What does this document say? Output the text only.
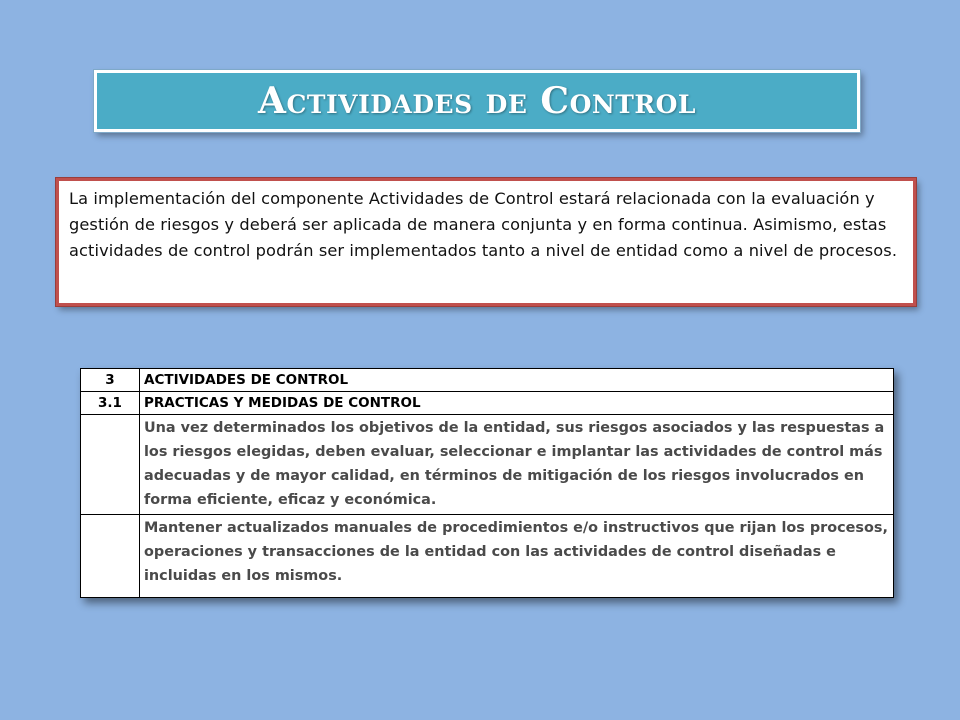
Actividades de Control

La implementación del componente Actividades de Control estará relacionada con la evaluación y gestión de riesgos y deberá ser aplicada de manera conjunta y en forma continua. Asimismo, estas actividades de control podrán ser implementados tanto a nivel de entidad como a nivel de procesos.

3	ACTIVIDADES DE CONTROL
3.1	PRACTICAS Y MEDIDAS DE CONTROL
	Una vez determinados los objetivos de la entidad, sus riesgos asociados y las respuestas a los riesgos elegidas, deben evaluar, seleccionar e implantar las actividades de control más adecuadas y de mayor calidad, en términos de mitigación de los riesgos involucrados en forma eficiente, eficaz y económica.
	Mantener actualizados manuales de procedimientos e/o instructivos que rijan los procesos, operaciones y transacciones de la entidad con las actividades de control diseñadas e incluidas en los mismos.
